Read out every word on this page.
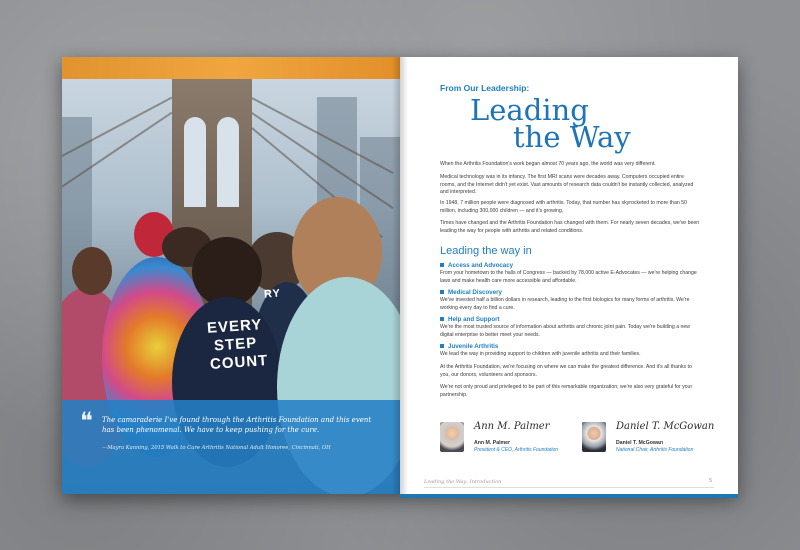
EVERY
STEP
COUNT
RY
❝ The camaraderie I've found through the Arthritis Foundation and this event has been phenomenal. We have to keep pushing for the cure.
—Mayra Kanning, 2015 Walk to Cure Arthritis National Adult Honoree, Cincinnati, OH
From Our Leadership:
Leading
the Way
When the Arthritis Foundation's work began almost 70 years ago, the world was very different.
Medical technology was in its infancy. The first MRI scans were decades away. Computers occupied entire rooms, and the Internet didn't yet exist. Vast amounts of research data couldn't be instantly collected, analyzed and interpreted.
In 1948, 7 million people were diagnosed with arthritis. Today, that number has skyrocketed to more than 50 million, including 300,000 children — and it's growing.
Times have changed and the Arthritis Foundation has changed with them. For nearly seven decades, we've been leading the way for people with arthritis and related conditions.
Leading the way in
Access and Advocacy
From your hometown to the halls of Congress — backed by 78,000 active E-Advocates — we're helping change laws and make health care more accessible and affordable.
Medical Discovery
We've invested half a billion dollars in research, leading to the first biologics for many forms of arthritis. We're working every day to find a cure.
Help and Support
We're the most trusted source of information about arthritis and chronic joint pain. Today we're building a new digital enterprise to better meet your needs.
Juvenile Arthritis
We lead the way in providing support to children with juvenile arthritis and their families.
At the Arthritis Foundation, we're focusing on where we can make the greatest difference. And it's all thanks to you, our donors, volunteers and sponsors.
We're not only proud and privileged to be part of this remarkable organization; we're also very grateful for your partnership.
Ann M. Palmer
Ann M. Palmer
President & CEO, Arthritis Foundation
Daniel T. McGowan
Daniel T. McGowan
National Chair, Arthritis Foundation
Leading the Way: Introduction	5
